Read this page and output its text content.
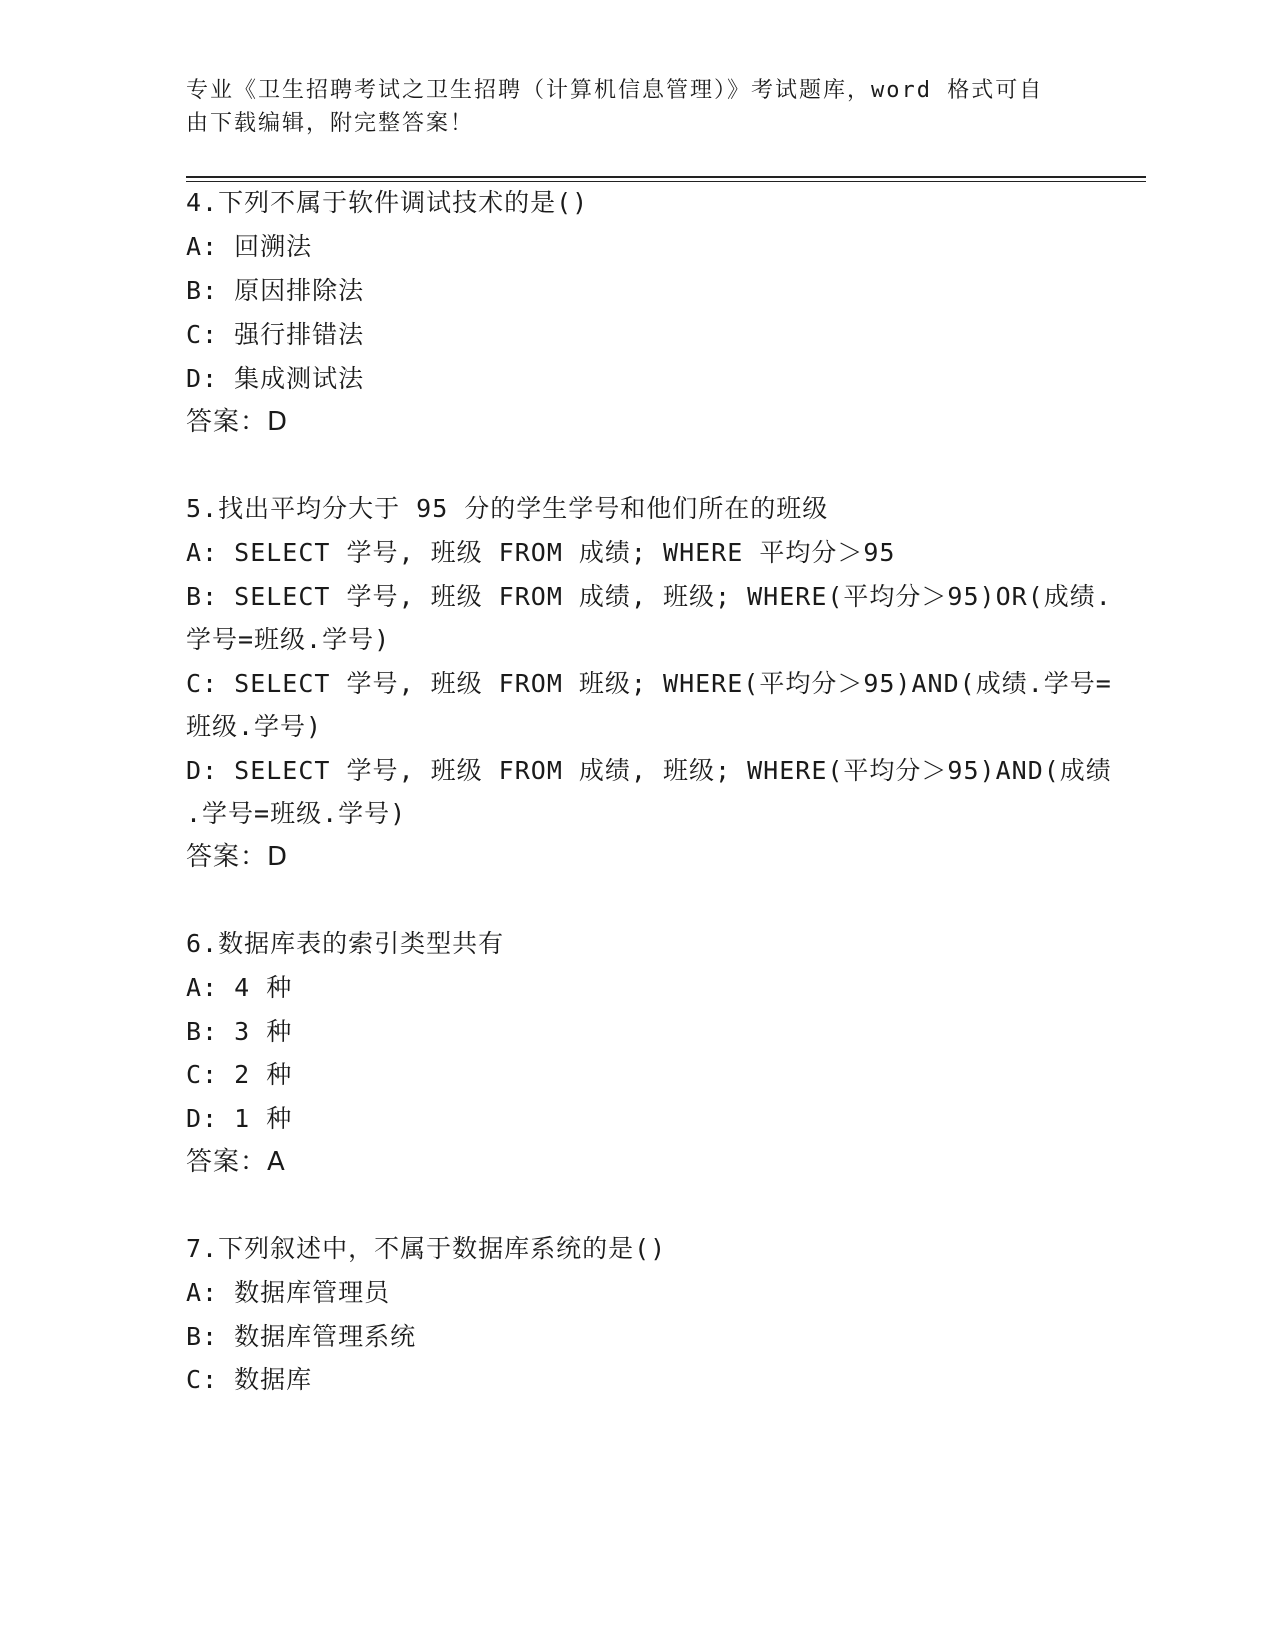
专业《卫生招聘考试之卫生招聘（计算机信息管理）》考试题库，word 格式可自
由下载编辑，附完整答案！
4.下列不属于软件调试技术的是()
A: 回溯法
B: 原因排除法
C: 强行排错法
D: 集成测试法
答案：D
5.找出平均分大于 95 分的学生学号和他们所在的班级
A: SELECT 学号, 班级 FROM 成绩; WHERE 平均分＞95
B: SELECT 学号, 班级 FROM 成绩, 班级; WHERE(平均分＞95)OR(成绩.
学号=班级.学号)
C: SELECT 学号, 班级 FROM 班级; WHERE(平均分＞95)AND(成绩.学号=
班级.学号)
D: SELECT 学号, 班级 FROM 成绩, 班级; WHERE(平均分＞95)AND(成绩
.学号=班级.学号)
答案：D
6.数据库表的索引类型共有
A: 4 种
B: 3 种
C: 2 种
D: 1 种
答案：A
7.下列叙述中，不属于数据库系统的是()
A: 数据库管理员
B: 数据库管理系统
C: 数据库
